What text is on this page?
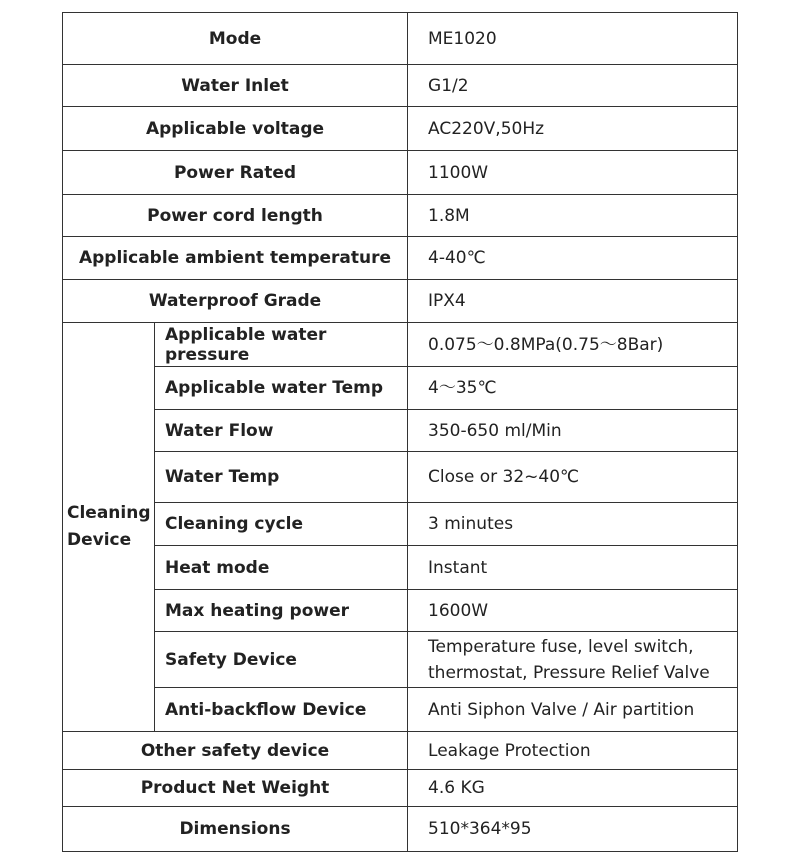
Mode		ME1020
Water Inlet		G1/2
Applicable voltage		AC220V,50Hz
Power Rated		1100W
Power cord length		1.8M
Applicable ambient temperature		4-40℃
Waterproof Grade		IPX4
Cleaning
Device	Applicable water pressure	0.075～0.8MPa(0.75～8Bar)
	Applicable water Temp	4～35℃
	Water Flow	350-650 ml/Min
	Water Temp	Close or 32~40℃
	Cleaning cycle	3 minutes
	Heat mode	Instant
	Max heating power	1600W
	Safety Device	Temperature fuse, level switch,
thermostat, Pressure Relief Valve
	Anti-backflow Device	Anti Siphon Valve / Air partition
Other safety device		Leakage Protection
Product Net Weight		4.6 KG
Dimensions		510*364*95
